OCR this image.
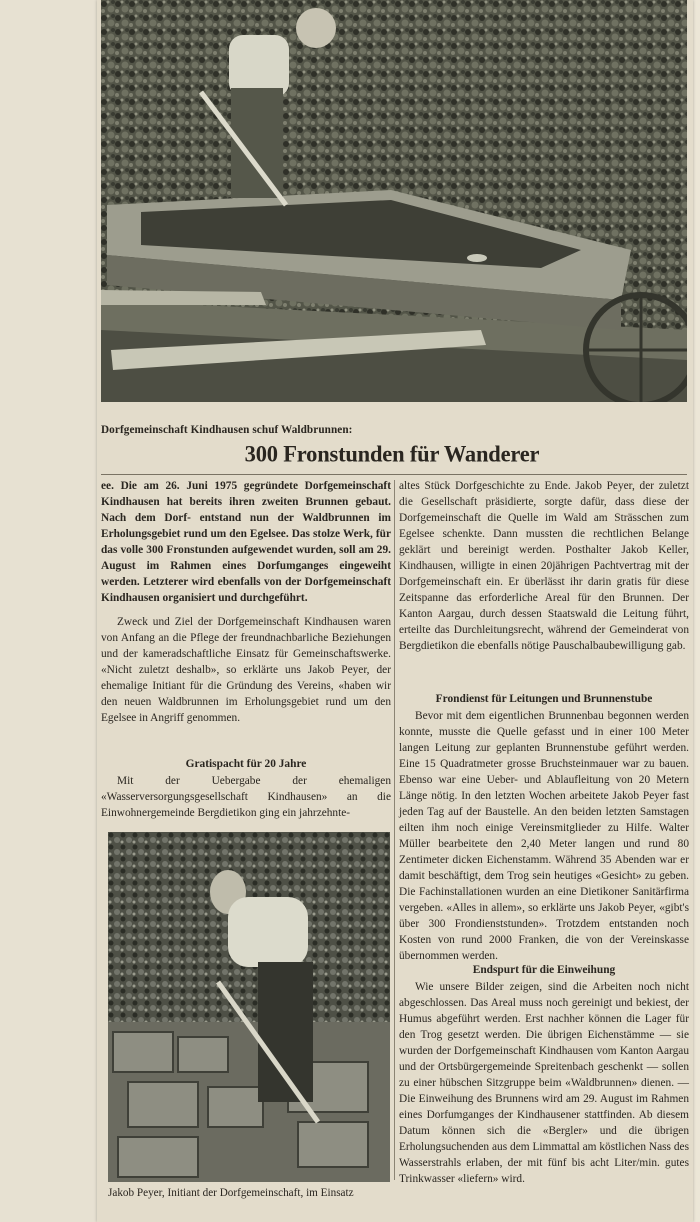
Dorfgemeinschaft Kindhausen schuf Waldbrunnen:
300 Fronstunden für Wanderer

ee. Die am 26. Juni 1975 gegründete Dorfgemeinschaft Kindhausen hat bereits ihren zweiten Brunnen gebaut. Nach dem Dorf- entstand nun der Waldbrunnen im Erholungsgebiet rund um den Egelsee. Das stolze Werk, für das volle 300 Fronstunden aufgewendet wurden, soll am 29. August im Rahmen eines Dorfumganges eingeweiht werden. Letzterer wird ebenfalls von der Dorfgemeinschaft Kindhausen organisiert und durchgeführt.

Zweck und Ziel der Dorfgemeinschaft Kindhausen waren von Anfang an die Pflege der freundnachbarliche Beziehungen und der kameradschaftliche Einsatz für Gemeinschaftswerke. «Nicht zuletzt deshalb», so erklärte uns Jakob Peyer, der ehemalige Initiant für die Gründung des Vereins, «haben wir den neuen Waldbrunnen im Erholungsgebiet rund um den Egelsee in Angriff genommen.

Gratispacht für 20 Jahre

Mit der Uebergabe der ehemaligen «Wasserversorgungsgesellschaft Kindhausen» an die Einwohnergemeinde Bergdietikon ging ein jahrzehnte-

altes Stück Dorfgeschichte zu Ende. Jakob Peyer, der zuletzt die Gesellschaft präsidierte, sorgte dafür, dass diese der Dorfgemeinschaft die Quelle im Wald am Strässchen zum Egelsee schenkte. Dann mussten die rechtlichen Belange geklärt und bereinigt werden. Posthalter Jakob Keller, Kindhausen, willigte in einen 20jährigen Pachtvertrag mit der Dorfgemeinschaft ein. Er überlässt ihr darin gratis für diese Zeitspanne das erforderliche Areal für den Brunnen. Der Kanton Aargau, durch dessen Staatswald die Leitung führt, erteilte das Durchleitungsrecht, während der Gemeinderat von Bergdietikon die ebenfalls nötige Pauschalbaubewilligung gab.

Frondienst für Leitungen und Brunnenstube

Bevor mit dem eigentlichen Brunnenbau begonnen werden konnte, musste die Quelle gefasst und in einer 100 Meter langen Leitung zur geplanten Brunnenstube geführt werden. Eine 15 Quadratmeter grosse Bruchsteinmauer war zu bauen. Ebenso war eine Ueber- und Ablaufleitung von 20 Metern Länge nötig. In den letzten Wochen arbeitete Jakob Peyer fast jeden Tag auf der Baustelle. An den beiden letzten Samstagen eilten ihm noch einige Vereinsmitglieder zu Hilfe. Walter Müller bearbeitete den 2,40 Meter langen und rund 80 Zentimeter dicken Eichenstamm. Während 35 Abenden war er damit beschäftigt, dem Trog sein heutiges «Gesicht» zu geben. Die Fachinstallationen wurden an eine Dietikoner Sanitärfirma vergeben. «Alles in allem», so erklärte uns Jakob Peyer, «gibt's über 300 Frondienststunden». Trotzdem entstanden noch Kosten von rund 2000 Franken, die von der Vereinskasse übernommen werden.

Endspurt für die Einweihung

Wie unsere Bilder zeigen, sind die Arbeiten noch nicht abgeschlossen. Das Areal muss noch gereinigt und bekiest, der Humus abgeführt werden. Erst nachher können die Lager für den Trog gesetzt werden. Die übrigen Eichenstämme — sie wurden der Dorfgemeinschaft Kindhausen vom Kanton Aargau und der Ortsbürgergemeinde Spreitenbach geschenkt — sollen zu einer hübschen Sitzgruppe beim «Waldbrunnen» dienen. — Die Einweihung des Brunnens wird am 29. August im Rahmen eines Dorfumganges der Kindhausener stattfinden. Ab diesem Datum können sich die «Bergler» und die übrigen Erholungsuchenden aus dem Limmattal am köstlichen Nass des Wasserstrahls erlaben, der mit fünf bis acht Liter/min. gutes Trinkwasser «liefern» wird.

Jakob Peyer, Initiant der Dorfgemeinschaft, im Einsatz
